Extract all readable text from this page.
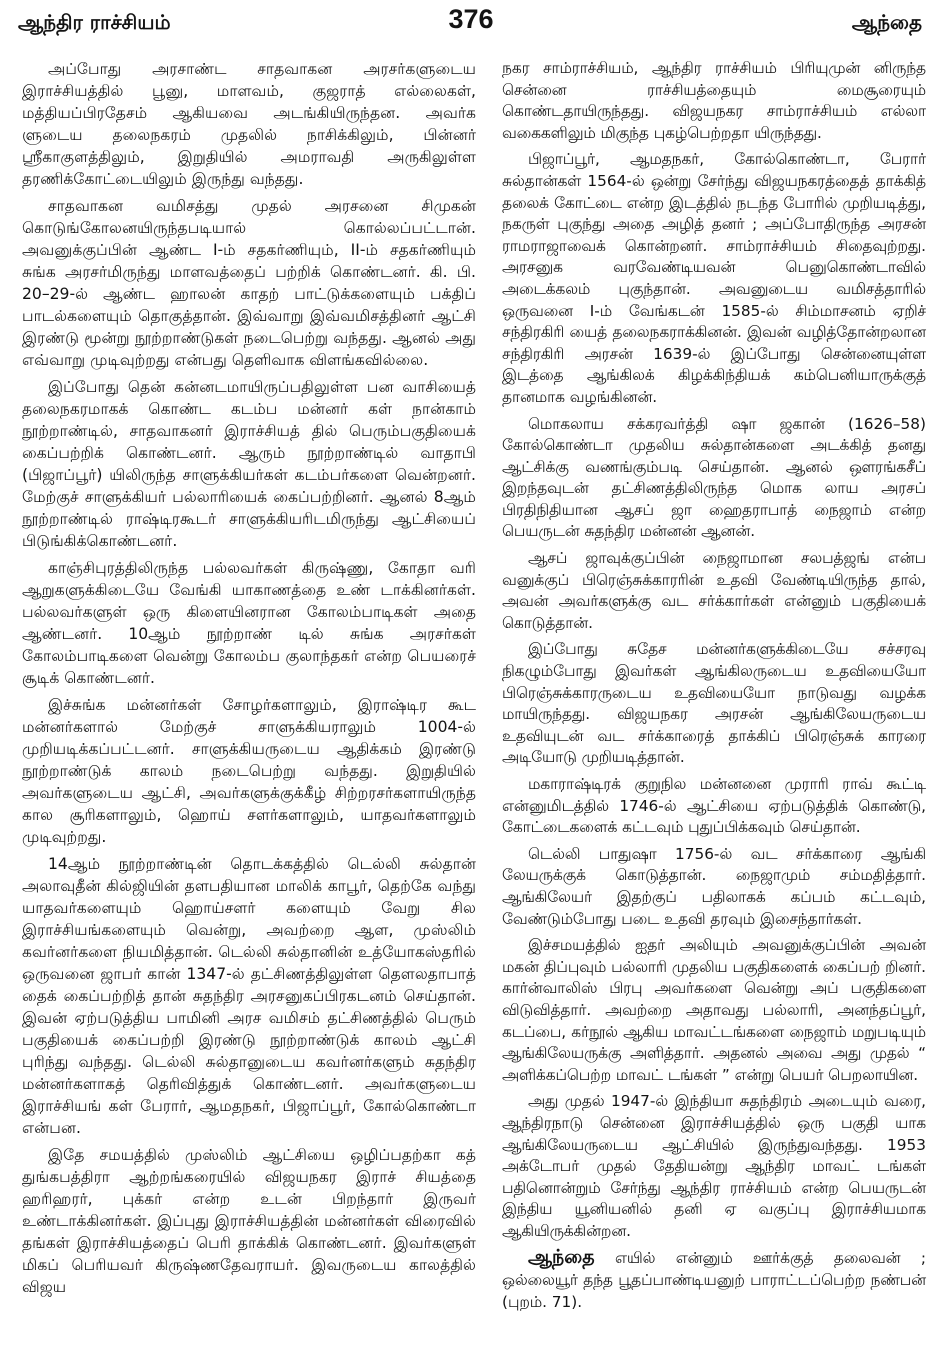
ஆந்திர ராச்சியம்	376	ஆந்தை

அப்போது அரசாண்ட சாதவாகன அரசர்களுடைய இராச்சியத்தில் பூனு, மாளவம், குஜராத் எல்லைகள், மத்தியப்பிரதேசம் ஆகியவை அடங்கியிருந்தன. அவர்க ளுடைய தலைநகரம் முதலில் நாசிக்கிலும், பின்னர் ஸ்ரீகாகுளத்திலும், இறுதியில் அமராவதி அருகிலுள்ள தரணிக்கோட்டையிலும் இருந்து வந்தது.

சாதவாகன வமிசத்து முதல் அரசனை சிமுகன் கொடுங்கோலனயிருந்தபடியால் கொல்லப்பட்டான். அவனுக்குப்பின் ஆண்ட I-ம் சதகர்ணியும், II-ம் சதகர்ணியும் சுங்க அரசர்மிருந்து மாளவத்தைப் பற்றிக் கொண்டனர். கி. பி. 20–29-ல் ஆண்ட ஹாலன் காதற் பாட்டுக்களையும் பக்திப் பாடல்களையும் தொகுத்தான். இவ்வாறு இவ்வமிசத்தினர் ஆட்சி இரண்டு மூன்று நூற்றாண்டுகள் நடைபெற்று வந்தது. ஆனல் அது எவ்வாறு முடிவுற்றது என்பது தெளிவாக விளங்கவில்லை.

இப்போது தென் கன்னடமாயிருப்பதிலுள்ள பன வாசியைத் தலைநகரமாகக் கொண்ட கடம்ப மன்னர் கள் நான்காம் நூற்றாண்டில், சாதவாகனர் இராச்சியத் தில் பெரும்பகுதியைக் கைப்பற்றிக் கொண்டனர். ஆரும் நூற்றாண்டில் வாதாபி (பிஜாப்பூர்) யிலிருந்த சாளுக்கியர்கள் கடம்பர்களை வென்றனர். மேற்குச் சாளுக்கியர் பல்லாரியைக் கைப்பற்றினர். ஆனல் 8ஆம் நூற்றாண்டில் ராஷ்டிரகூடர் சாளுக்கியரிடமிருந்து ஆட்சியைப் பிடுங்கிக்கொண்டனர்.

காஞ்சிபுரத்திலிருந்த பல்லவர்கள் கிருஷ்ணு, கோதா வரி ஆறுகளுக்கிடையே வேங்கி யாகாணத்தை உண் டாக்கினர்கள். பல்லவர்களுள் ஒரு கிளையினரான கோலம்பாடிகள் அதை ஆண்டனர். 10ஆம் நூற்றாண் டில் சுங்க அரசர்கள் கோலம்பாடிகளை வென்று கோலம்ப குலாந்தகர் என்ற பெயரைச் சூடிக் கொண்டனர்.

இச்சுங்க மன்னர்கள் சோழர்களாலும், இராஷ்டிர கூட மன்னர்களால் மேற்குச் சாளுக்கியராலும் 1004-ல் முறியடிக்கப்பட்டனர். சாளுக்கியருடைய ஆதிக்கம் இரண்டு நூற்றாண்டுக் காலம் நடைபெற்று வந்தது. இறுதியில் அவர்களுடைய ஆட்சி, அவர்களுக்குக்கீழ் சிற்றரசர்களாயிருந்த கால சூரிகளாலும், ஹொய் சளர்களாலும், யாதவர்களாலும் முடிவுற்றது.

14ஆம் நூற்றாண்டின் தொடக்கத்தில் டெல்லி சுல்தான் அலாவுதீன் கில்ஜியின் தளபதியான மாலிக் காபூர், தெற்கே வந்து யாதவர்களையும் ஹொய்சளர் களையும் வேறு சில இராச்சியங்களையும் வென்று, அவற்றை ஆள, முஸ்லிம் கவர்னர்களை நியமித்தான். டெல்லி சுல்தானின் உத்யோகஸ்தரில் ஒருவனை ஜாபர் கான் 1347-ல் தட்சிணத்திலுள்ள தௌலதாபாத் தைக் கைப்பற்றித் தான் சுதந்திர அரசனுகப்பிரகடனம் செய்தான். இவன் ஏற்படுத்திய பாமினி அரச வமிசம் தட்சிணத்தில் பெரும் பகுதியைக் கைப்பற்றி இரண்டு நூற்றாண்டுக் காலம் ஆட்சி புரிந்து வந்தது. டெல்லி சுல்தானுடைய கவர்னர்களும் சுதந்திர மன்னர்களாகத் தெரிவித்துக் கொண்டனர். அவர்களுடைய இராச்சியங் கள் பேரார், ஆமதநகர், பிஜாப்பூர், கோல்கொண்டா என்பன.

இதே சமயத்தில் முஸ்லிம் ஆட்சியை ஒழிப்பதற்கா கத் துங்கபத்திரா ஆற்றங்கரையில் விஜயநகர இராச் சியத்தை ஹரிஹரர், புக்கர் என்ற உடன் பிறந்தார் இருவர் உண்டாக்கினர்கள். இப்புது இராச்சியத்தின் மன்னர்கள் விரைவில் தங்கள் இராச்சியத்தைப் பெரி தாக்கிக் கொண்டனர். இவர்களுள் மிகப் பெரியவர் கிருஷ்ணதேவராயர். இவருடைய காலத்தில் விஜய

நகர சாம்ராச்சியம், ஆந்திர ராச்சியம் பிரியுமுன் னிருந்த சென்னை ராச்சியத்தையும் மைசூரையும் கொண்டதாயிருந்தது. விஜயநகர சாம்ராச்சியம் எல்லா வகைகளிலும் மிகுந்த புகழ்பெற்றதா யிருந்தது.

பிஜாப்பூர், ஆமதநகர், கோல்கொண்டா, பேரார் சுல்தான்கள் 1564-ல் ஒன்று சேர்ந்து விஜயநகரத்தைத் தாக்கித் தலைக் கோட்டை என்ற இடத்தில் நடந்த போரில் முறியடித்து, நகருள் புகுந்து அதை அழித் தனர் ; அப்போதிருந்த அரசன் ராமராஜாவைக் கொன்றனர். சாம்ராச்சியம் சிதைவுற்றது. அரசனுக வரவேண்டியவன் பெனுகொண்டாவில் அடைக்கலம் புகுந்தான். அவனுடைய வமிசத்தாரில் ஒருவனை I-ம் வேங்கடன் 1585-ல் சிம்மாசனம் ஏறிச் சந்திரகிரி யைத் தலைநகராக்கினன். இவன் வழித்தோன்றலான சந்திரகிரி அரசன் 1639-ல் இப்போது சென்னையுள்ள இடத்தை ஆங்கிலக் கிழக்கிந்தியக் கம்பெனியாருக்குத் தானமாக வழங்கினன்.

மொகலாய சக்கரவர்த்தி ஷா ஜகான் (1626–58) கோல்கொண்டா முதலிய சுல்தான்களை அடக்கித் தனது ஆட்சிக்கு வணங்கும்படி செய்தான். ஆனல் ஔரங்கசீப் இறந்தவுடன் தட்சிணத்திலிருந்த மொக லாய அரசப் பிரதிநிதியான ஆசப் ஜா ஹைதராபாத் நைஜாம் என்ற பெயருடன் சுதந்திர மன்னன் ஆனன்.

ஆசப் ஜாவுக்குப்பின் நைஜாமான சலபத்ஜங் என்ப வனுக்குப் பிரெஞ்சுக்காரரின் உதவி வேண்டியிருந்த தால், அவன் அவர்களுக்கு வட சர்க்கார்கள் என்னும் பகுதியைக் கொடுத்தான்.

இப்போது சுதேச மன்னர்களுக்கிடையே சச்சரவு நிகழும்போது இவர்கள் ஆங்கிலருடைய உதவியையோ பிரெஞ்சுக்காரருடைய உதவியையோ நாடுவது வழக்க மாயிருந்தது. விஜயநகர அரசன் ஆங்கிலேயருடைய உதவியுடன் வட சர்க்காரைத் தாக்கிப் பிரெஞ்சுக் காரரை அடியோடு முறியடித்தான்.

மகாராஷ்டிரக் குறுநில மன்னனை முராரி ராவ் கூட்டி என்னுமிடத்தில் 1746-ல் ஆட்சியை ஏற்படுத்திக் கொண்டு, கோட்டைகளைக் கட்டவும் புதுப்பிக்கவும் செய்தான்.

டெல்லி பாதுஷா 1756-ல் வட சர்க்காரை ஆங்கி லேயருக்குக் கொடுத்தான். நைஜாமும் சம்மதித்தார். ஆங்கிலேயர் இதற்குப் பதிலாகக் கப்பம் கட்டவும், வேண்டும்போது படை உதவி தரவும் இசைந்தார்கள்.

இச்சமயத்தில் ஐதர் அலியும் அவனுக்குப்பின் அவன் மகன் திப்புவும் பல்லாரி முதலிய பகுதிகளைக் கைப்பற் றினர். கார்ன்வாலிஸ் பிரபு அவர்களை வென்று அப் பகுதிகளை விடுவித்தார். அவற்றை அதாவது பல்லாரி, அனந்தப்பூர், கடப்பை, கர்நூல் ஆகிய மாவட்டங்களை நைஜாம் மறுபடியும் ஆங்கிலேயருக்கு அளித்தார். அதனல் அவை அது முதல் “ அளிக்கப்பெற்ற மாவட் டங்கள் ” என்று பெயர் பெறலாயின.

அது முதல் 1947-ல் இந்தியா சுதந்திரம் அடையும் வரை, ஆந்திரநாடு சென்னை இராச்சியத்தில் ஒரு பகுதி யாக ஆங்கிலேயருடைய ஆட்சியில் இருந்துவந்தது. 1953 அக்டோபர் முதல் தேதியன்று ஆந்திர மாவட் டங்கள் பதினொன்றும் சேர்ந்து ஆந்திர ராச்சியம் என்ற பெயருடன் இந்திய யூனியனில் தனி ஏ வகுப்பு இராச்சியமாக ஆகியிருக்கின்றன.

ஆந்தை எயில் என்னும் ஊர்க்குத் தலைவன் ; ஒல்லையூர் தந்த பூதப்பாண்டியனுற் பாராட்டப்பெற்ற நண்பன் (புறம். 71).
